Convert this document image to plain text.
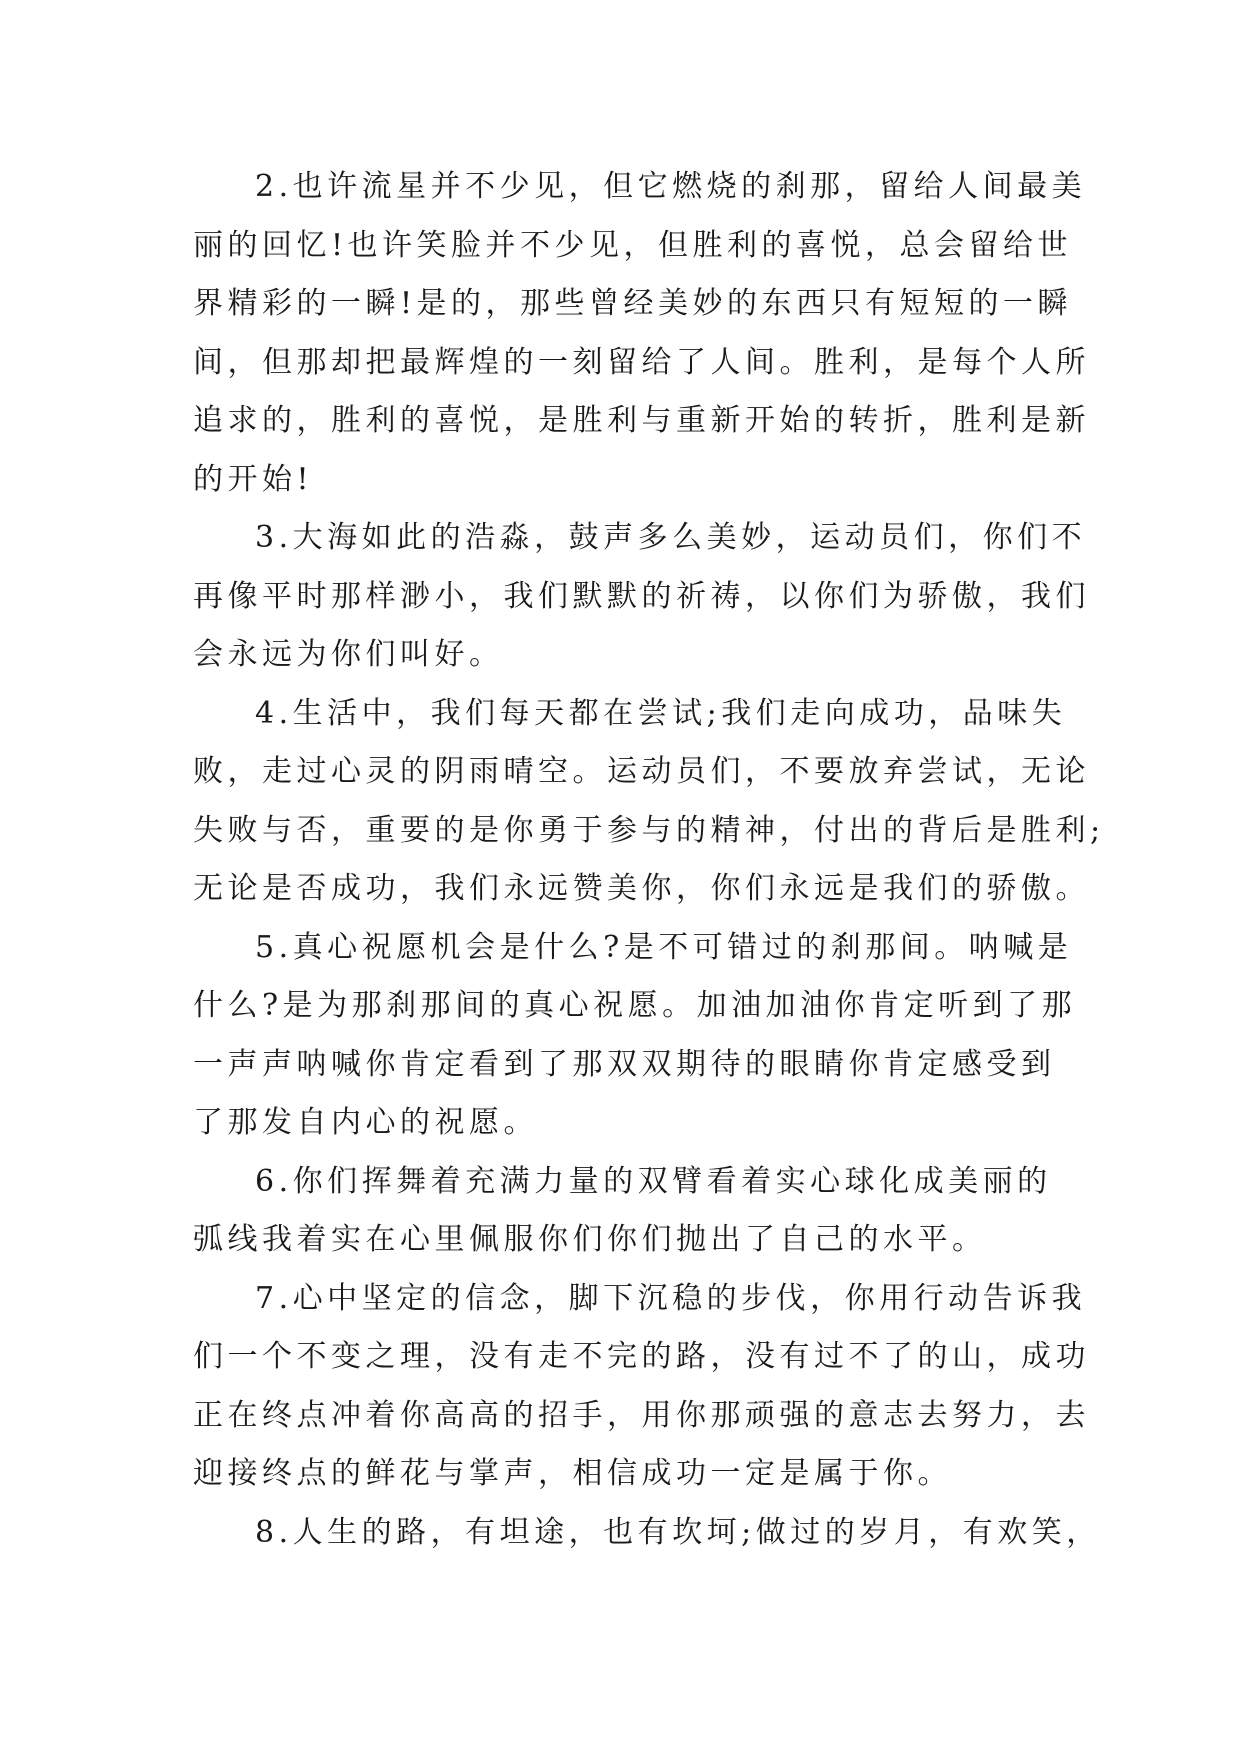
2.也许流星并不少见，但它燃烧的刹那，留给人间最美
丽的回忆!也许笑脸并不少见，但胜利的喜悦，总会留给世
界精彩的一瞬!是的，那些曾经美妙的东西只有短短的一瞬
间，但那却把最辉煌的一刻留给了人间。胜利，是每个人所
追求的，胜利的喜悦，是胜利与重新开始的转折，胜利是新
的开始!
3.大海如此的浩淼，鼓声多么美妙，运动员们，你们不
再像平时那样渺小，我们默默的祈祷，以你们为骄傲，我们
会永远为你们叫好。
4.生活中，我们每天都在尝试;我们走向成功，品味失
败，走过心灵的阴雨晴空。运动员们，不要放弃尝试，无论
失败与否，重要的是你勇于参与的精神，付出的背后是胜利;
无论是否成功，我们永远赞美你，你们永远是我们的骄傲。
5.真心祝愿机会是什么?是不可错过的刹那间。呐喊是
什么?是为那刹那间的真心祝愿。加油加油你肯定听到了那
一声声呐喊你肯定看到了那双双期待的眼睛你肯定感受到
了那发自内心的祝愿。
6.你们挥舞着充满力量的双臂看着实心球化成美丽的
弧线我着实在心里佩服你们你们抛出了自己的水平。
7.心中坚定的信念，脚下沉稳的步伐，你用行动告诉我
们一个不变之理，没有走不完的路，没有过不了的山，成功
正在终点冲着你高高的招手，用你那顽强的意志去努力，去
迎接终点的鲜花与掌声，相信成功一定是属于你。
8.人生的路，有坦途，也有坎坷;做过的岁月，有欢笑，
